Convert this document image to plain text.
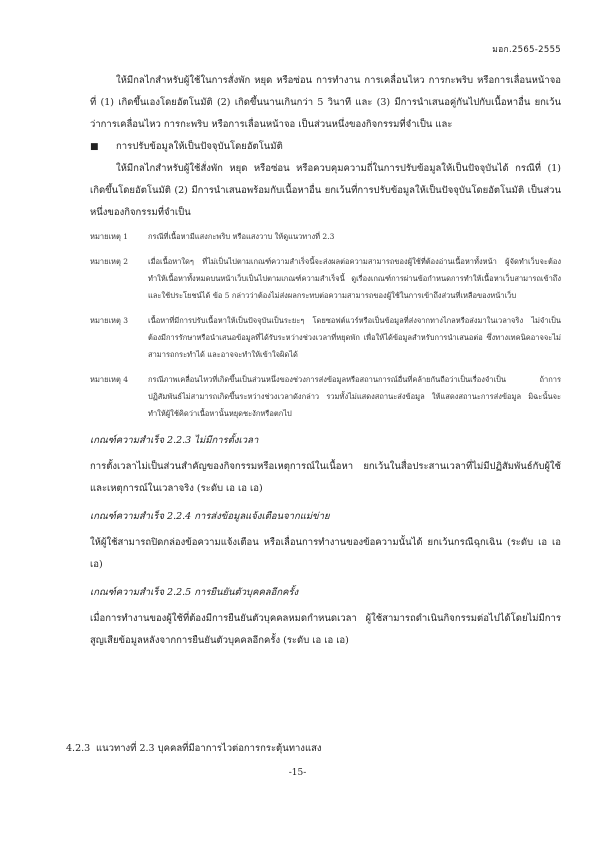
มอก.2565-2555

ให้มีกลไกสำหรับผู้ใช้ในการสั่งพัก หยุด หรือซ่อน การทำงาน การเคลื่อนไหว การกะพริบ หรือการเลื่อนหน้าจอที่ (1) เกิดขึ้นเองโดยอัตโนมัติ (2) เกิดขึ้นนานเกินกว่า 5 วินาที และ (3) มีการนำเสนอคู่กันไปกับเนื้อหาอื่น ยกเว้นว่าการเคลื่อนไหว การกะพริบ หรือการเลื่อนหน้าจอ เป็นส่วนหนึ่งของกิจกรรมที่จำเป็น และ

■	การปรับข้อมูลให้เป็นปัจจุบันโดยอัตโนมัติ

ให้มีกลไกสำหรับผู้ใช้สั่งพัก หยุด หรือซ่อน หรือควบคุมความถี่ในการปรับข้อมูลให้เป็นปัจจุบันได้ กรณีที่ (1) เกิดขึ้นโดยอัตโนมัติ (2) มีการนำเสนอพร้อมกับเนื้อหาอื่น ยกเว้นที่การปรับข้อมูลให้เป็นปัจจุบันโดยอัตโนมัติ เป็นส่วนหนึ่งของกิจกรรมที่จำเป็น

หมายเหตุ 1	กรณีที่เนื้อหามีแสงกะพริบ หรือแสงวาบ ให้ดูแนวทางที่ 2.3
หมายเหตุ 2	เมื่อเนื้อหาใดๆ ที่ไม่เป็นไปตามเกณฑ์ความสำเร็จนี้จะส่งผลต่อความสามารถของผู้ใช้ที่ต้องอ่านเนื้อหาทั้งหน้า ผู้จัดทำเว็บจะต้องทำให้เนื้อหาทั้งหมดบนหน้าเว็บเป็นไปตามเกณฑ์ความสำเร็จนี้ ดูเรื่องเกณฑ์การผ่านข้อกำหนดการทำให้เนื้อหาเว็บสามารถเข้าถึงและใช้ประโยชน์ได้ ข้อ 5 กล่าวว่าต้องไม่ส่งผลกระทบต่อความสามารถของผู้ใช้ในการเข้าถึงส่วนที่เหลือของหน้าเว็บ
หมายเหตุ 3	เนื้อหาที่มีการปรับเนื้อหาให้เป็นปัจจุบันเป็นระยะๆ โดยซอฟต์แวร์หรือเป็นข้อมูลที่ส่งจากทางไกลหรือส่งมาในเวลาจริง ไม่จำเป็นต้องมีการรักษาหรือนำเสนอข้อมูลที่ได้รับระหว่างช่วงเวลาที่หยุดพัก เพื่อให้ได้ข้อมูลสำหรับการนำเสนอต่อ ซึ่งทางเทคนิคอาจจะไม่สามารถกระทำได้ และอาจจะทำให้เข้าใจผิดได้
หมายเหตุ 4	กรณีภาพเคลื่อนไหวที่เกิดขึ้นเป็นส่วนหนึ่งของช่วงการส่งข้อมูลหรือสถานการณ์อื่นที่คล้ายกันถือว่าเป็นเรื่องจำเป็น ถ้าการปฏิสัมพันธ์ไม่สามารถเกิดขึ้นระหว่างช่วงเวลาดังกล่าว รวมทั้งไม่แสดงสถานะส่งข้อมูล ให้แสดงสถานะการส่งข้อมูล มิฉะนั้นจะทำให้ผู้ใช้คิดว่าเนื้อหานั้นหยุดชะงักหรือตกไป
เกณฑ์ความสำเร็จ 2.2.3 ไม่มีการตั้งเวลา

การตั้งเวลาไม่เป็นส่วนสำคัญของกิจกรรมหรือเหตุการณ์ในเนื้อหา ยกเว้นในสื่อประสานเวลาที่ไม่มีปฏิสัมพันธ์กับผู้ใช้ และเหตุการณ์ในเวลาจริง (ระดับ เอ เอ เอ)

เกณฑ์ความสำเร็จ 2.2.4 การส่งข้อมูลแจ้งเตือนจากแม่ข่าย

ให้ผู้ใช้สามารถปิดกล่องข้อความแจ้งเตือน หรือเลื่อนการทำงานของข้อความนั้นได้ ยกเว้นกรณีฉุกเฉิน (ระดับ เอ เอ เอ)

เกณฑ์ความสำเร็จ 2.2.5 การยืนยันตัวบุคคลอีกครั้ง

เมื่อการทำงานของผู้ใช้ที่ต้องมีการยืนยันตัวบุคคลหมดกำหนดเวลา ผู้ใช้สามารถดำเนินกิจกรรมต่อไปได้โดยไม่มีการสูญเสียข้อมูลหลังจากการยืนยันตัวบุคคลอีกครั้ง (ระดับ เอ เอ เอ)

4.2.3 แนวทางที่ 2.3 บุคคลที่มีอาการไวต่อการกระตุ้นทางแสง
-15-
